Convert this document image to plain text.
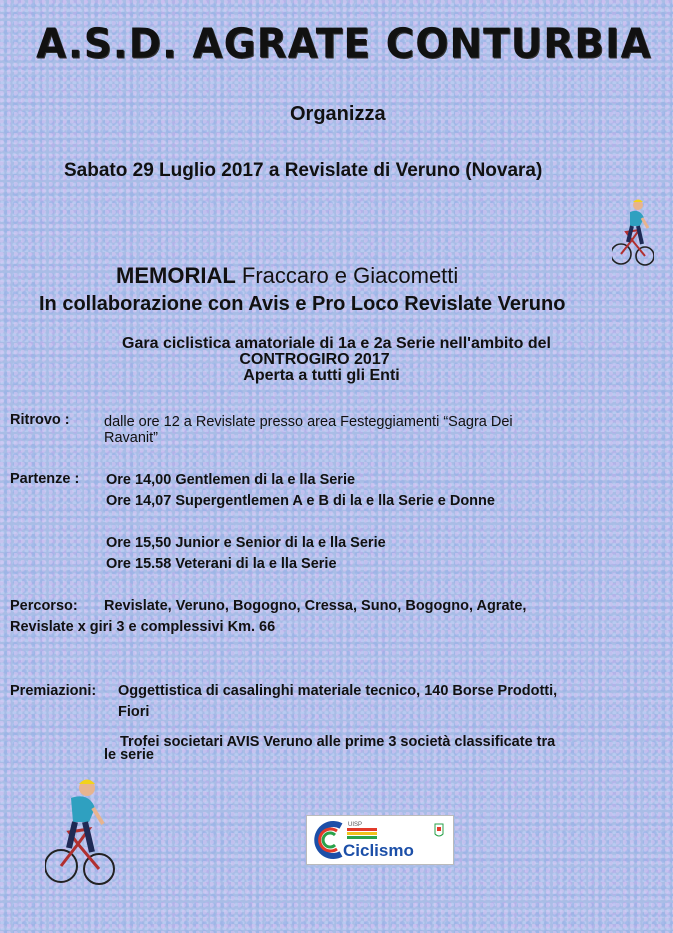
A.S.D. AGRATE CONTURBIA
Organizza
Sabato 29 Luglio 2017 a Revislate di Veruno (Novara)
MEMORIAL Fraccaro e Giacometti
In collaborazione con Avis e Pro Loco Revislate Veruno
Gara ciclistica amatoriale di 1a e 2a Serie nell'ambito del
CONTROGIRO 2017
Aperta a tutti gli Enti
Ritrovo : dalle ore 12 a Revislate presso area Festeggiamenti “Sagra Dei
Ravanit”
Partenze : Ore 14,00 Gentlemen di la e lla Serie
Ore 14,07 Supergentlemen A e B di la e lla Serie e Donne
Ore 15,50 Junior e Senior di la e lla Serie
Ore 15.58 Veterani di la e lla Serie
Percorso: Revislate, Veruno, Bogogno, Cressa, Suno, Bogogno, Agrate,
Revislate x giri 3 e complessivi Km. 66
Premiazioni: Oggettistica di casalinghi materiale tecnico, 140 Borse Prodotti,
Fiori
Trofei societari AVIS Veruno alle prime 3 società classificate tra
le serie
UISP
Ciclismo
